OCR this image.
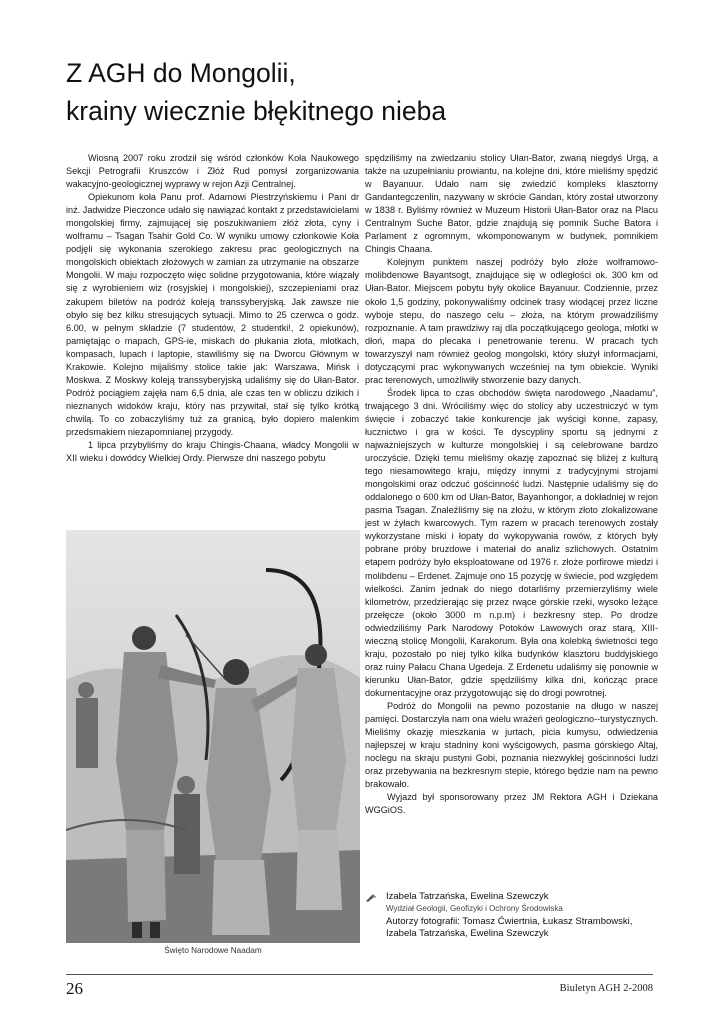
Z AGH do Mongolii,
krainy wiecznie błękitnego nieba

Wiosną 2007 roku zrodził się wśród członków Koła Naukowego Sekcji Petrografii Kruszców i Złóż Rud pomysł zorganizowania wakacyjno-geologicznej wyprawy w rejon Azji Centralnej.

Opiekunom koła Panu prof. Adamowi Piestrzyńskiemu i Pani dr inż. Jadwidze Pieczonce udało się nawiązać kontakt z przedstawicielami mongolskiej firmy, zajmującej się poszukiwaniem złóż złota, cyny i wolframu – Tsagan Tsahir Gold Co. W wyniku umowy członkowie Koła podjęli się wykonania szerokiego zakresu prac geologicznych na mongolskich obiektach złożowych w zamian za utrzymanie na obszarze Mongolii. W maju rozpoczęto więc solidne przygotowania, które wiązały się z wyrobieniem wiz (rosyjskiej i mongolskiej), szczepieniami oraz zakupem biletów na podróż koleją transsyberyjską. Jak zawsze nie obyło się bez kilku stresujących sytuacji. Mimo to 25 czerwca o godz. 6.00, w pełnym składzie (7 studentów, 2 studentki!, 2 opiekunów), pamiętając o mapach, GPS-ie, miskach do płukania złota, młotkach, kompasach, lupach i laptopie, stawiliśmy się na Dworcu Głównym w Krakowie. Kolejno mijaliśmy stolice takie jak: Warszawa, Mińsk i Moskwa. Z Moskwy koleją transsyberyjską udaliśmy się do Ułan-Bator. Podróż pociągiem zajęła nam 6,5 dnia, ale czas ten w obliczu dzikich i nieznanych widoków kraju, który nas przywitał, stał się tylko krótką chwilą. To co zobaczyliśmy tuż za granicą, było dopiero malenkim przedsmakiem niezapomnianej przygody.

1 lipca przybyliśmy do kraju Chingis-Chaana, władcy Mongolii w XII wieku i dowódcy Wielkiej Ordy. Pierwsze dni naszego pobytu

Święto Narodowe Naadam

spędziliśmy na zwiedzaniu stolicy Ułan-Bator, zwaną niegdyś Urgą, a także na uzupełnianiu prowiantu, na kolejne dni, które mieliśmy spędzić w Bayanuur. Udało nam się zwiedzić kompleks klasztorny Gandantegczenlin, nazywany w skrócie Gandan, który został utworzony w 1838 r. Byliśmy również w Muzeum Historii Ułan-Bator oraz na Placu Centralnym Suche Bator, gdzie znajdują się pomnik Suche Batora i Parlament z ogromnym, wkomponowanym w budynek, pomnikiem Chingis Chaana.

Kolejnym punktem naszej podróży było złoże wolframowo-molibdenowe Bayantsogt, znajdujące się w odległości ok. 300 km od Ułan-Bator. Miejscem pobytu były okolice Bayanuur. Codziennie, przez około 1,5 godziny, pokonywaliśmy odcinek trasy wiodącej przez liczne wyboje stepu, do naszego celu – złoża, na którym prowadziliśmy rozpoznanie. A tam prawdziwy raj dla początkującego geologa, młotki w dłoń, mapa do plecaka i penetrowanie terenu. W pracach tych towarzyszył nam również geolog mongolski, który służył informacjami, dotyczącymi prac wykonywanych wcześniej na tym obiekcie. Wyniki prac terenowych, umożliwiły stworzenie bazy danych.

Środek lipca to czas obchodów święta narodowego „Naadamu", trwającego 3 dni. Wróciliśmy więc do stolicy aby uczestniczyć w tym święcie i zobaczyć takie konkurencje jak wyścigi konne, zapasy, łucznictwo i gra w kości. Te dyscypliny sportu są jednymi z najważniejszych w kulturze mongolskiej i są celebrowane bardzo uroczyście. Dzięki temu mieliśmy okazję zapoznać się bliżej z kulturą tego niesamowitego kraju, między innymi z tradycyjnymi strojami mongolskimi oraz odczuć gościnność ludzi. Następnie udaliśmy się do oddalonego o 600 km od Ułan-Bator, Bayanhongor, a dokładniej w rejon pasma Tsagan. Znaleźliśmy się na złożu, w którym złoto zlokalizowane jest w żyłach kwarcowych. Tym razem w pracach terenowych zostały wykorzystane miski i łopaty do wykopywania rowów, z których były pobrane próby bruzdowe i materiał do analiz szlichowych. Ostatnim etapem podróży było eksploatowane od 1976 r. złoże porfirowe miedzi i molibdenu – Erdenet. Zajmuje ono 15 pozycję w świecie, pod względem wielkości. Zanim jednak do niego dotarliśmy przemierzyliśmy wiele kilometrów, przedzierając się przez rwące górskie rzeki, wysoko leżące przełęcze (około 3000 m n.p.m) i bezkresny step. Po drodze odwiedziliśmy Park Narodowy Potoków Lawowych oraz starą, XIII-wieczną stolicę Mongolii, Karakorum. Była ona kolebką świetności tego kraju, pozostało po niej tylko kilka budynków klasztoru buddyjskiego oraz ruiny Pałacu Chana Ugedeja. Z Erdenetu udaliśmy się ponownie w kierunku Ułan-Bator, gdzie spędziliśmy kilka dni, kończąc prace dokumentacyjne oraz przygotowując się do drogi powrotnej.

Podróż do Mongolii na pewno pozostanie na długo w naszej pamięci. Dostarczyła nam ona wielu wrażeń geologiczno--turystycznych. Mieliśmy okazję mieszkania w jurtach, picia kumysu, odwiedzenia najlepszej w kraju stadniny koni wyścigowych, pasma górskiego Altaj, noclegu na skraju pustyni Gobi, poznania niezwykłej gościnności ludzi oraz przebywania na bezkresnym stepie, którego będzie nam na pewno brakowało.

Wyjazd był sponsorowany przez JM Rektora AGH i Dziekana WGGiOS.

Izabela Tatrzańska, Ewelina Szewczyk
Wydział Geologii, Geofizyki i Ochrony Środowiska
Autorzy fotografii: Tomasz Ćwiertnia, Łukasz Strambowski,
Izabela Tatrzańska, Ewelina Szewczyk
26	Biuletyn AGH 2-2008
